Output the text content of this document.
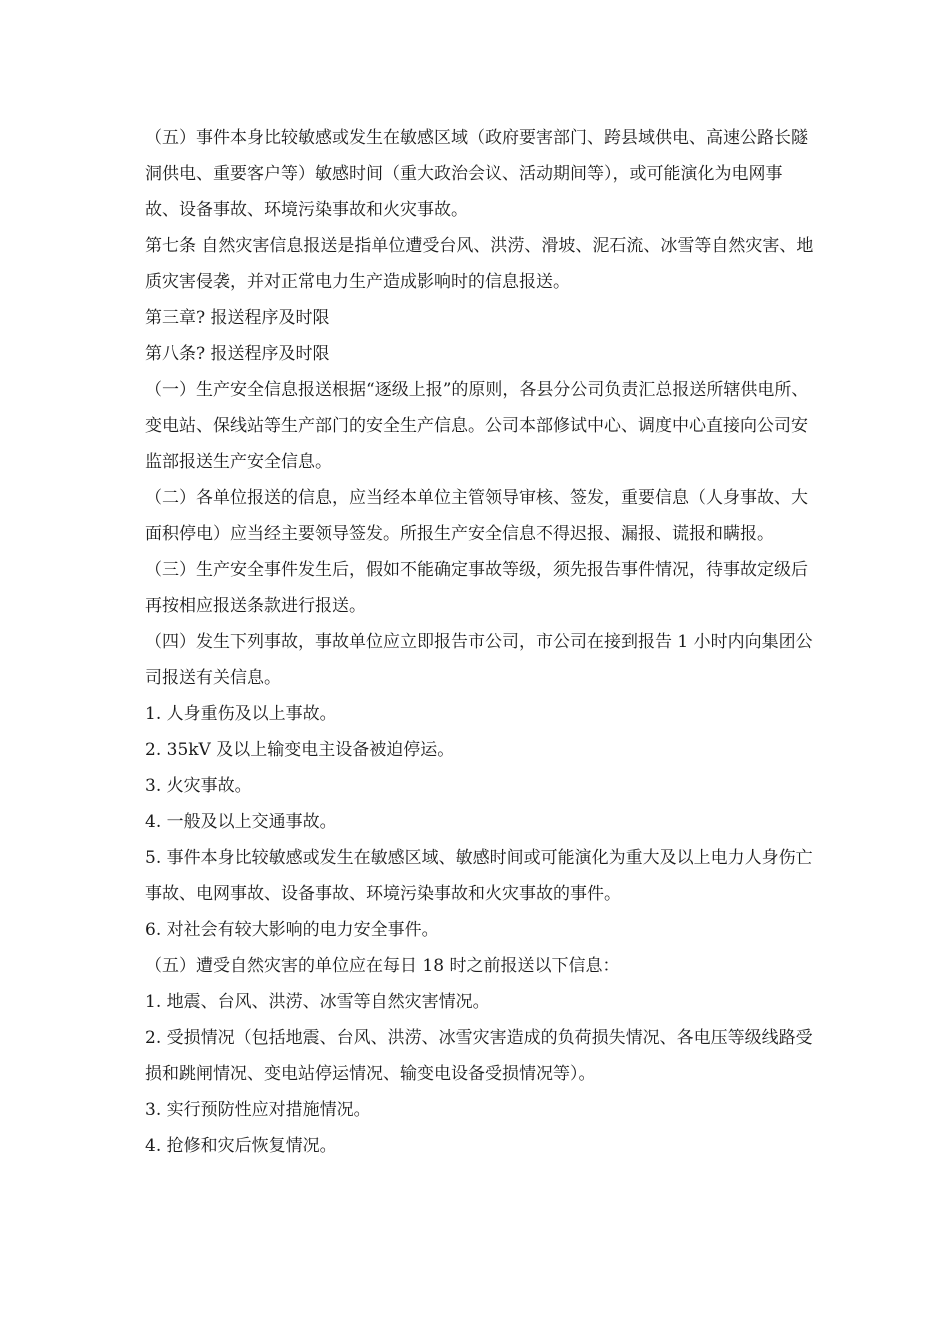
（五）事件本身比较敏感或发生在敏感区域（政府要害部门、跨县域供电、高速公路长隧洞供电、重要客户等）敏感时间（重大政治会议、活动期间等），或可能演化为电网事故、设备事故、环境污染事故和火灾事故。

第七条 自然灾害信息报送是指单位遭受台风、洪涝、滑坡、泥石流、冰雪等自然灾害、地质灾害侵袭，并对正常电力生产造成影响时的信息报送。

第三章? 报送程序及时限

第八条? 报送程序及时限

（一）生产安全信息报送根据“逐级上报”的原则，各县分公司负责汇总报送所辖供电所、变电站、保线站等生产部门的安全生产信息。公司本部修试中心、调度中心直接向公司安监部报送生产安全信息。

（二）各单位报送的信息，应当经本单位主管领导审核、签发，重要信息（人身事故、大面积停电）应当经主要领导签发。所报生产安全信息不得迟报、漏报、谎报和瞒报。

（三）生产安全事件发生后，假如不能确定事故等级，须先报告事件情况，待事故定级后再按相应报送条款进行报送。

（四）发生下列事故，事故单位应立即报告市公司，市公司在接到报告 1 小时内向集团公司报送有关信息。

1. 人身重伤及以上事故。

2. 35kV 及以上输变电主设备被迫停运。

3. 火灾事故。

4. 一般及以上交通事故。

5. 事件本身比较敏感或发生在敏感区域、敏感时间或可能演化为重大及以上电力人身伤亡事故、电网事故、设备事故、环境污染事故和火灾事故的事件。

6. 对社会有较大影响的电力安全事件。

（五）遭受自然灾害的单位应在每日 18 时之前报送以下信息：

1. 地震、台风、洪涝、冰雪等自然灾害情况。

2. 受损情况（包括地震、台风、洪涝、冰雪灾害造成的负荷损失情况、各电压等级线路受损和跳闸情况、变电站停运情况、输变电设备受损情况等）。

3. 实行预防性应对措施情况。

4. 抢修和灾后恢复情况。
